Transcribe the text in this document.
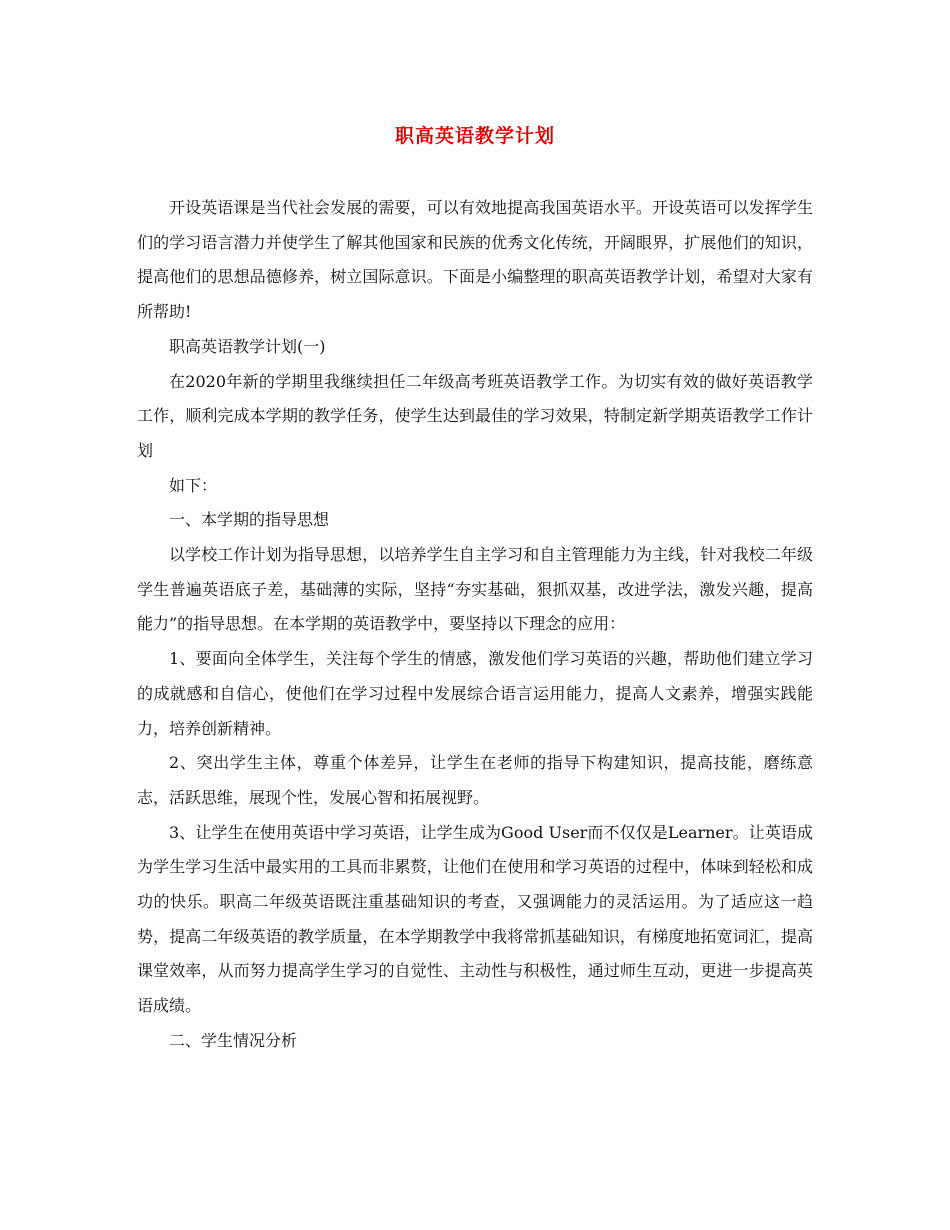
职高英语教学计划

开设英语课是当代社会发展的需要，可以有效地提高我国英语水平。开设英语可以发挥学生们的学习语言潜力并使学生了解其他国家和民族的优秀文化传统，开阔眼界，扩展他们的知识，提高他们的思想品德修养，树立国际意识。下面是小编整理的职高英语教学计划，希望对大家有所帮助!

职高英语教学计划(一)

在2020年新的学期里我继续担任二年级高考班英语教学工作。为切实有效的做好英语教学工作，顺利完成本学期的教学任务，使学生达到最佳的学习效果，特制定新学期英语教学工作计划

如下：

一、本学期的指导思想

以学校工作计划为指导思想，以培养学生自主学习和自主管理能力为主线，针对我校二年级学生普遍英语底子差，基础薄的实际，坚持“夯实基础，狠抓双基，改进学法，激发兴趣，提高能力”的指导思想。在本学期的英语教学中，要坚持以下理念的应用：

1、要面向全体学生，关注每个学生的情感，激发他们学习英语的兴趣，帮助他们建立学习的成就感和自信心，使他们在学习过程中发展综合语言运用能力，提高人文素养，增强实践能力，培养创新精神。

2、突出学生主体，尊重个体差异，让学生在老师的指导下构建知识，提高技能，磨练意志，活跃思维，展现个性，发展心智和拓展视野。

3、让学生在使用英语中学习英语，让学生成为Good User而不仅仅是Learner。让英语成为学生学习生活中最实用的工具而非累赘，让他们在使用和学习英语的过程中，体味到轻松和成功的快乐。职高二年级英语既注重基础知识的考查，又强调能力的灵活运用。为了适应这一趋势，提高二年级英语的教学质量，在本学期教学中我将常抓基础知识，有梯度地拓宽词汇，提高课堂效率，从而努力提高学生学习的自觉性、主动性与积极性，通过师生互动，更进一步提高英语成绩。

二、学生情况分析
